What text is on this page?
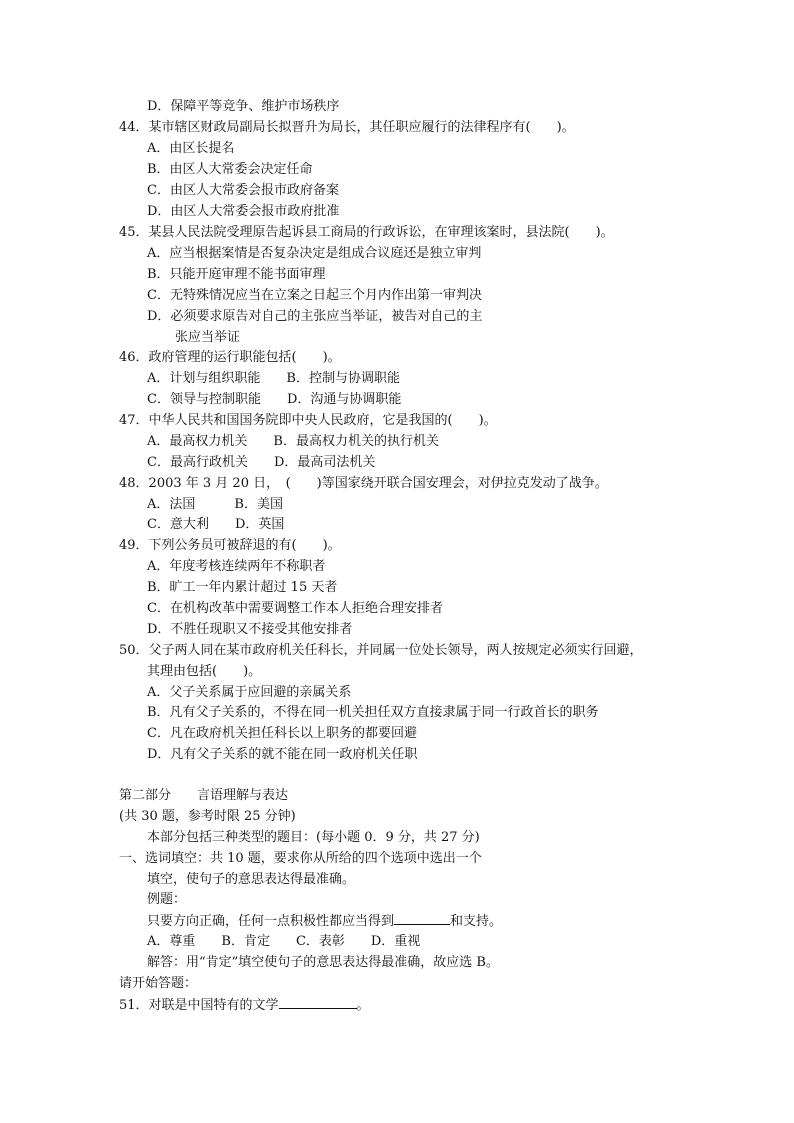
D．保障平等竞争、维护市场秩序
44．某市辖区财政局副局长拟晋升为局长，其任职应履行的法律程序有(　　)。
A．由区长提名
B．由区人大常委会决定任命
C．由区人大常委会报市政府备案
D．由区人大常委会报市政府批准
45．某县人民法院受理原告起诉县工商局的行政诉讼，在审理该案时，县法院(　　)。
A．应当根据案情是否复杂决定是组成合议庭还是独立审判
B．只能开庭审理不能书面审理
C．无特殊情况应当在立案之日起三个月内作出第一审判决
D．必须要求原告对自己的主张应当举证，被告对自己的主
张应当举证
46．政府管理的运行职能包括(　　)。
A．计划与组织职能　　B．控制与协调职能
C．领导与控制职能　　D．沟通与协调职能
47．中华人民共和国国务院即中央人民政府，它是我国的(　　)。
A．最高权力机关　　B．最高权力机关的执行机关
C．最高行政机关　　D．最高司法机关
48．2003 年 3 月 20 日，　(　　)等国家绕开联合国安理会，对伊拉克发动了战争。
A．法国　　　B．美国
C．意大利　　D．英国
49．下列公务员可被辞退的有(　　)。
A．年度考核连续两年不称职者
B．旷工一年内累计超过 15 天者
C．在机构改革中需要调整工作本人拒绝合理安排者
D．不胜任现职又不接受其他安排者
50．父子两人同在某市政府机关任科长，并同属一位处长领导，两人按规定必须实行回避，
其理由包括(　　)。
A．父子关系属于应回避的亲属关系
B．凡有父子关系的，不得在同一机关担任双方直接隶属于同一行政首长的职务
C．凡在政府机关担任科长以上职务的都要回避
D．凡有父子关系的就不能在同一政府机关任职
第二部分　　言语理解与表达
(共 30 题，参考时限 25 分钟)
本部分包括三种类型的题目：(每小题 0．9 分，共 27 分)
一、选词填空：共 10 题，要求你从所给的四个选项中选出一个
填空，使句子的意思表达得最准确。
例题：
只要方向正确，任何一点积极性都应当得到	和支持。
A．尊重　　B．肯定　　C．表彰　　D．重视
解答：用“肯定”填空使句子的意思表达得最准确，故应选 B。
请开始答题：
51．对联是中国特有的文学	。
